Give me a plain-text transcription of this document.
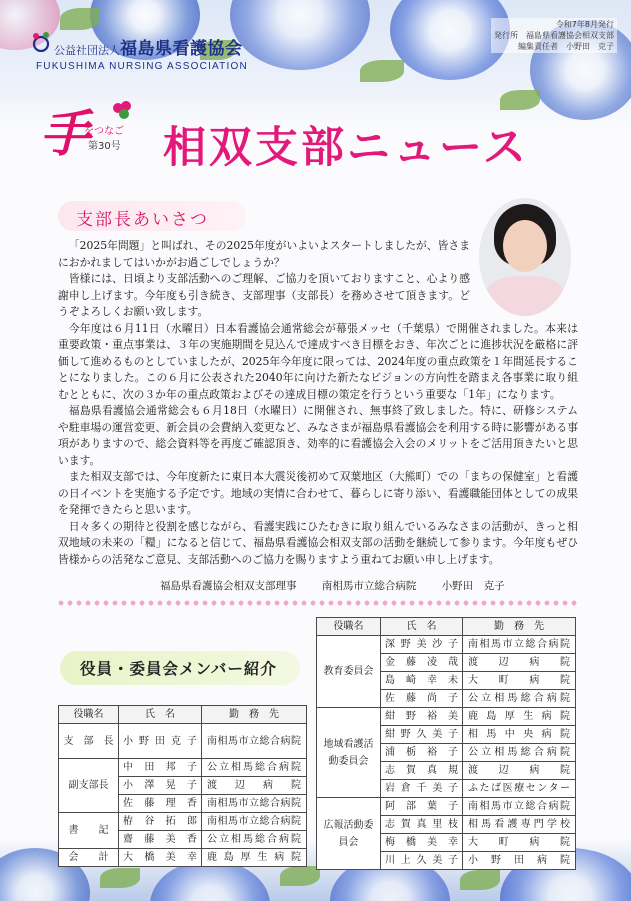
公益社団法人福島県看護協会
FUKUSHIMA NURSING ASSOCIATION
令和7年8月発行
発行所　福島県看護協会相双支部
編集責任者　小野田　克子
手
をつなご
第30号 相双支部ニュース
支部長あいさつ

「2025年問題」と叫ばれ、その2025年度がいよいよスタートしましたが、皆さまにおかれましてはいかがお過ごしでしょうか？

皆様には、日頃より支部活動へのご理解、ご協力を頂いておりますこと、心より感謝申し上げます。今年度も引き続き、支部理事（支部長）を務めさせて頂きます。どうぞよろしくお願い致します。

今年度は６月11日（水曜日）日本看護協会通常総会が幕張メッセ（千葉県）で開催されました。本来は重要政策・重点事業は、３年の実施期間を見込んで達成すべき目標をおき、年次ごとに進捗状況を厳格に評価して進めるものとしていましたが、2025年今年度に限っては、2024年度の重点政策を１年間延長することになりました。この６月に公表された2040年に向けた新たなビジョンの方向性を踏まえ各事業に取り組むとともに、次の３か年の重点政策およびその達成目標の策定を行うという重要な「1年」になります。

福島県看護協会通常総会も６月18日（水曜日）に開催され、無事終了致しました。特に、研修システムや駐車場の運営変更、新会員の会費納入変更など、みなさまが福島県看護協会を利用する時に影響がある事項がありますので、総会資料等を再度ご確認頂き、効率的に看護協会入会のメリットをご活用頂きたいと思います。

また相双支部では、今年度新たに東日本大震災後初めて双葉地区（大熊町）での「まちの保健室」と看護の日イベントを実施する予定です。地域の実情に合わせて、暮らしに寄り添い、看護職能団体としての成果を発揮できたらと思います。

日々多くの期待と役割を感じながら、看護実践にひたむきに取り組んでいるみなさまの活動が、きっと相双地域の未来の「糧」になると信じて、福島県看護協会相双支部の活動を継続して参ります。今年度もぜひ皆様からの活発なご意見、支部活動へのご協力を賜りますよう重ねてお願い申し上げます。

福島県看護協会相双支部理事 南相馬市立総合病院 小野田　克子
役員・委員会メンバー紹介
役職名	氏　名	勤　務　先
支　部　長	小野田克子	南相馬市立総合病院
副支部長	中田邦子	公立相馬総合病院
	小澤晃子	渡辺病院
	佐藤理香	南相馬市立総合病院
書　　記	栫谷拓郎	南相馬市立総合病院
	齋藤美香	公立相馬総合病院
会　　計	大橋美幸	鹿島厚生病院
役職名	氏　名	勤　務　先
教育委員会	深野美沙子	南相馬市立総合病院
	金藤凌哉	渡辺病院
	島崎幸未	大町病院
	佐藤尚子	公立相馬総合病院
地域看護活動委員会	紺野裕美	鹿島厚生病院
	紺野久美子	相馬中央病院
	浦栃裕子	公立相馬総合病院
	志賀真規	渡辺病院
	岩倉千美子	ふたば医療センター
広報活動委員会	阿部葉子	南相馬市立総合病院
	志賀真里枝	相馬看護専門学校
	梅橋美幸	大町病院
	川上久美子	小野田病院
